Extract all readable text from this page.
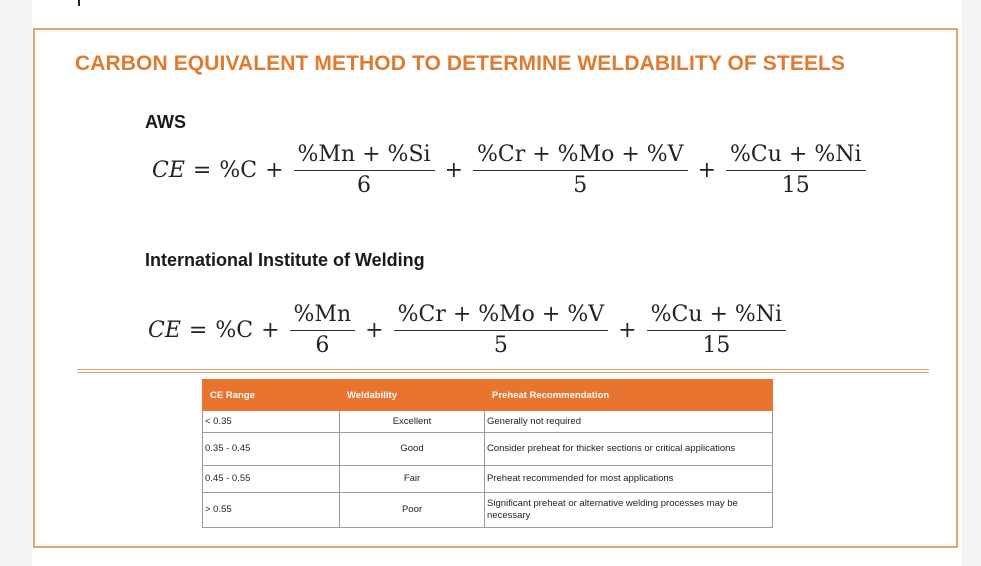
CARBON EQUIVALENT METHOD TO DETERMINE WELDABILITY OF STEELS
AWS
CE = $\%C + \frac{\%Mn + \%Si}{6} + \frac{\%Cr + \%Mo + \%V}{5} + \frac{\%Cu + \%Ni}{15}$
International Institute of Welding
CE = $\%C + \frac{\%Mn}{6} + \frac{\%Cr + \%Mo + \%V}{5} + \frac{\%Cu + \%Ni}{15}$
CE Range	Weldability	Preheat Recommendation
< 0.35	Excellent	Generally not required
0.35 - 0.45	Good	Consider preheat for thicker sections or critical applications
0.45 - 0.55	Fair	Preheat recommended for most applications
> 0.55	Poor	Significant preheat or alternative welding processes may be necessary
